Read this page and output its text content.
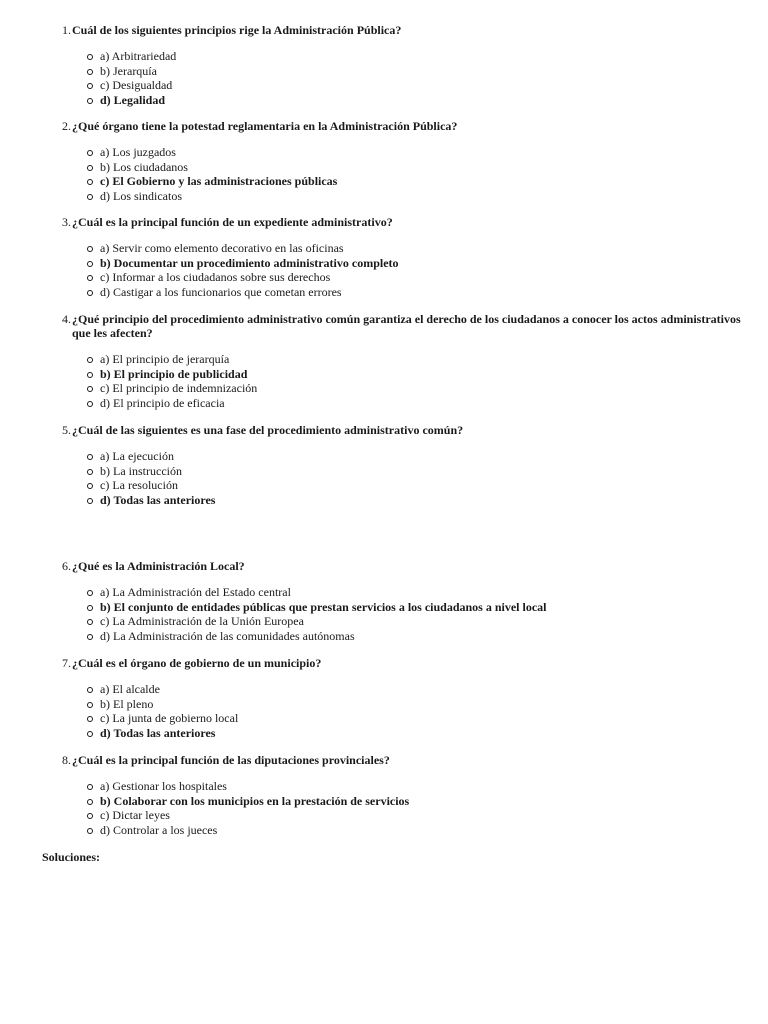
1. Cuál de los siguientes principios rige la Administración Pública?
a) Arbitrariedad
b) Jerarquía
c) Desigualdad
d) Legalidad
2. ¿Qué órgano tiene la potestad reglamentaria en la Administración Pública?
a) Los juzgados
b) Los ciudadanos
c) El Gobierno y las administraciones públicas
d) Los sindicatos
3. ¿Cuál es la principal función de un expediente administrativo?
a) Servir como elemento decorativo en las oficinas
b) Documentar un procedimiento administrativo completo
c) Informar a los ciudadanos sobre sus derechos
d) Castigar a los funcionarios que cometan errores
4. ¿Qué principio del procedimiento administrativo común garantiza el derecho de los ciudadanos a conocer los actos administrativos que les afecten?
a) El principio de jerarquía
b) El principio de publicidad
c) El principio de indemnización
d) El principio de eficacia
5. ¿Cuál de las siguientes es una fase del procedimiento administrativo común?
a) La ejecución
b) La instrucción
c) La resolución
d) Todas las anteriores
6. ¿Qué es la Administración Local?
a) La Administración del Estado central
b) El conjunto de entidades públicas que prestan servicios a los ciudadanos a nivel local
c) La Administración de la Unión Europea
d) La Administración de las comunidades autónomas
7. ¿Cuál es el órgano de gobierno de un municipio?
a) El alcalde
b) El pleno
c) La junta de gobierno local
d) Todas las anteriores
8. ¿Cuál es la principal función de las diputaciones provinciales?
a) Gestionar los hospitales
b) Colaborar con los municipios en la prestación de servicios
c) Dictar leyes
d) Controlar a los jueces
Soluciones:
